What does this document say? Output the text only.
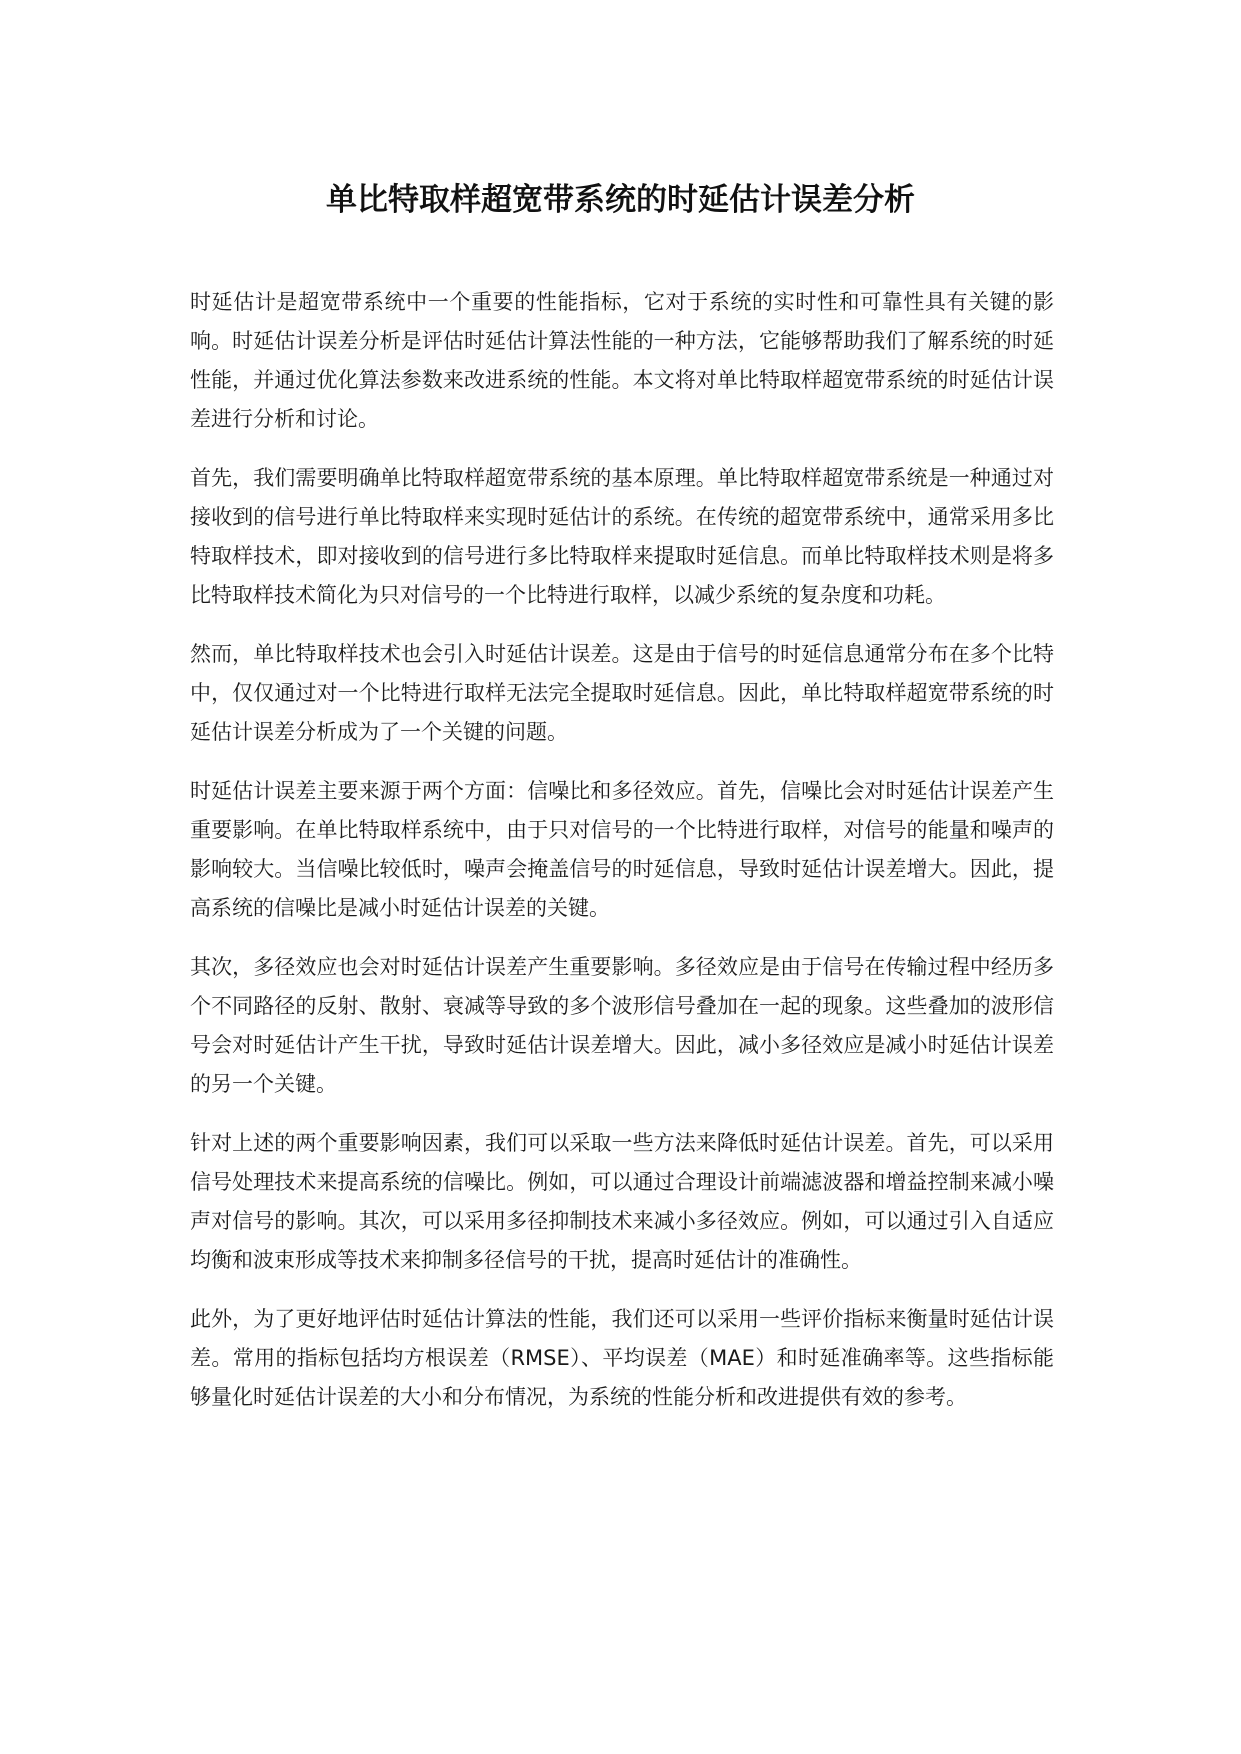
单比特取样超宽带系统的时延估计误差分析

时延估计是超宽带系统中一个重要的性能指标，它对于系统的实时性和可靠性具有关键的影响。时延估计误差分析是评估时延估计算法性能的一种方法，它能够帮助我们了解系统的时延性能，并通过优化算法参数来改进系统的性能。本文将对单比特取样超宽带系统的时延估计误差进行分析和讨论。

首先，我们需要明确单比特取样超宽带系统的基本原理。单比特取样超宽带系统是一种通过对接收到的信号进行单比特取样来实现时延估计的系统。在传统的超宽带系统中，通常采用多比特取样技术，即对接收到的信号进行多比特取样来提取时延信息。而单比特取样技术则是将多比特取样技术简化为只对信号的一个比特进行取样，以减少系统的复杂度和功耗。

然而，单比特取样技术也会引入时延估计误差。这是由于信号的时延信息通常分布在多个比特中，仅仅通过对一个比特进行取样无法完全提取时延信息。因此，单比特取样超宽带系统的时延估计误差分析成为了一个关键的问题。

时延估计误差主要来源于两个方面：信噪比和多径效应。首先，信噪比会对时延估计误差产生重要影响。在单比特取样系统中，由于只对信号的一个比特进行取样，对信号的能量和噪声的影响较大。当信噪比较低时，噪声会掩盖信号的时延信息，导致时延估计误差增大。因此，提高系统的信噪比是减小时延估计误差的关键。

其次，多径效应也会对时延估计误差产生重要影响。多径效应是由于信号在传输过程中经历多个不同路径的反射、散射、衰减等导致的多个波形信号叠加在一起的现象。这些叠加的波形信号会对时延估计产生干扰，导致时延估计误差增大。因此，减小多径效应是减小时延估计误差的另一个关键。

针对上述的两个重要影响因素，我们可以采取一些方法来降低时延估计误差。首先，可以采用信号处理技术来提高系统的信噪比。例如，可以通过合理设计前端滤波器和增益控制来减小噪声对信号的影响。其次，可以采用多径抑制技术来减小多径效应。例如，可以通过引入自适应均衡和波束形成等技术来抑制多径信号的干扰，提高时延估计的准确性。

此外，为了更好地评估时延估计算法的性能，我们还可以采用一些评价指标来衡量时延估计误差。常用的指标包括均方根误差（RMSE）、平均误差（MAE）和时延准确率等。这些指标能够量化时延估计误差的大小和分布情况，为系统的性能分析和改进提供有效的参考。
